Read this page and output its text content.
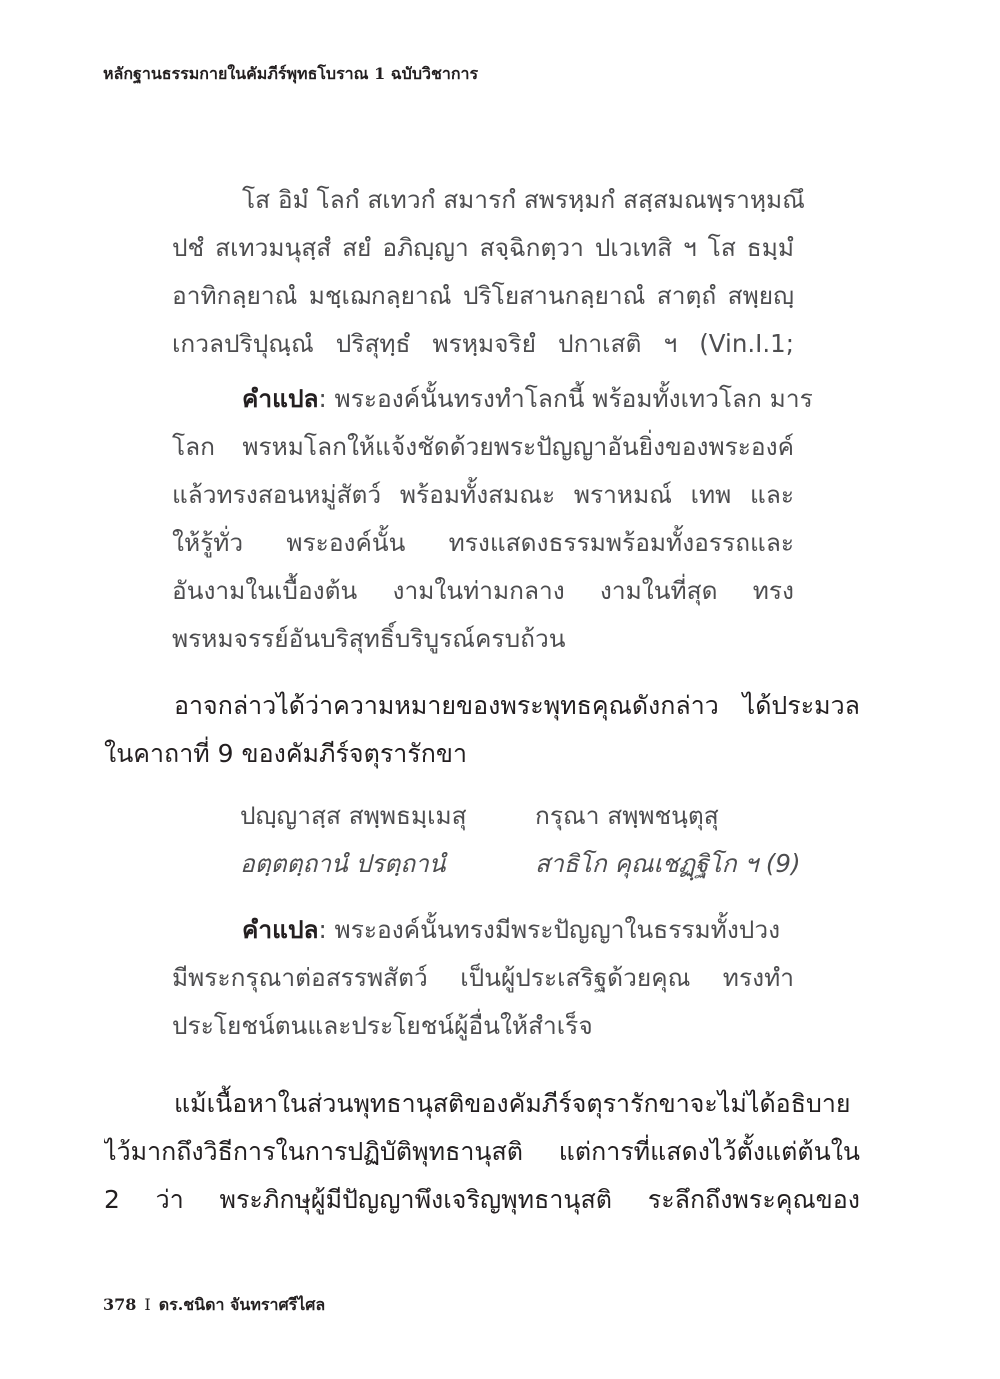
หลักฐานธรรมกายในคัมภีร์พุทธโบราณ 1 ฉบับวิชาการ
โส อิมํ โลกํ สเทวกํ สมารกํ สพรหฺมกํ สสฺสมณพฺราหฺมณึ
ปชํ สเทวมนุสฺสํ สยํ อภิญฺญา สจฺฉิกตฺวา ปเวเทสิ ฯ โส ธมฺมํ
อาทิกลฺยาณํ มชฺเฌกลฺยาณํ ปริโยสานกลฺยาณํ สาตฺถํ สพฺยญฺ
เกวลปริปุณฺณํ ปริสุทฺธํ พรหฺมจริยํ ปกาเสติ ฯ (Vin.I.1;
คำแปล: พระองค์นั้นทรงทำโลกนี้ พร้อมทั้งเทวโลก มาร
โลก พรหมโลกให้แจ้งชัดด้วยพระปัญญาอันยิ่งของพระองค์
แล้วทรงสอนหมู่สัตว์ พร้อมทั้งสมณะ พราหมณ์ เทพ และ
ให้รู้ทั่ว พระองค์นั้น ทรงแสดงธรรมพร้อมทั้งอรรถและ
อันงามในเบื้องต้น งามในท่ามกลาง งามในที่สุด ทรง
พรหมจรรย์อันบริสุทธิ์บริบูรณ์ครบถ้วน
อาจกล่าวได้ว่าความหมายของพระพุทธคุณดังกล่าว ได้ประมวล
ในคาถาที่ 9 ของคัมภีร์จตุรารักขา
ปญฺญาสฺส สพฺพธมฺเมสุ	กรุณา สพฺพชนฺตุสุ
อตฺตตฺถานํ ปรตฺถานํ	สาธิโก คุณเชฏฺฐิโก ฯ (9)
คำแปล: พระองค์นั้นทรงมีพระปัญญาในธรรมทั้งปวง
มีพระกรุณาต่อสรรพสัตว์ เป็นผู้ประเสริฐด้วยคุณ ทรงทำ
ประโยชน์ตนและประโยชน์ผู้อื่นให้สำเร็จ
แม้เนื้อหาในส่วนพุทธานุสติของคัมภีร์จตุรารักขาจะไม่ได้อธิบาย
ไว้มากถึงวิธีการในการปฏิบัติพุทธานุสติ แต่การที่แสดงไว้ตั้งแต่ต้นใน
2 ว่า พระภิกษุผู้มีปัญญาพึงเจริญพุทธานุสติ ระลึกถึงพระคุณของ
378 I ดร.ชนิดา จันทราศรีไศล
